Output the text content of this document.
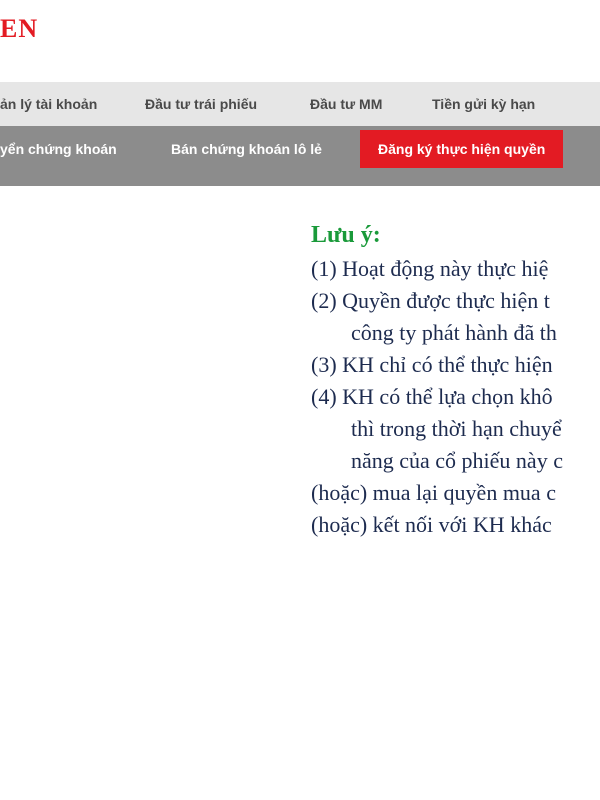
EN
ản lý tài khoản	Đầu tư trái phiếu	Đầu tư MM	Tiền gửi kỳ hạn
yển chứng khoán	Bán chứng khoán lô lẻ	Đăng ký thực hiện quyền
Lưu ý:
(1) Hoạt động này thực hiệ
(2) Quyền được thực hiện t
công ty phát hành đã th
(3) KH chỉ có thể thực hiện
(4) KH có thể lựa chọn khô
thì trong thời hạn chuyể
năng của cổ phiếu này c
(hoặc) mua lại quyền mua c
(hoặc) kết nối với KH khác
